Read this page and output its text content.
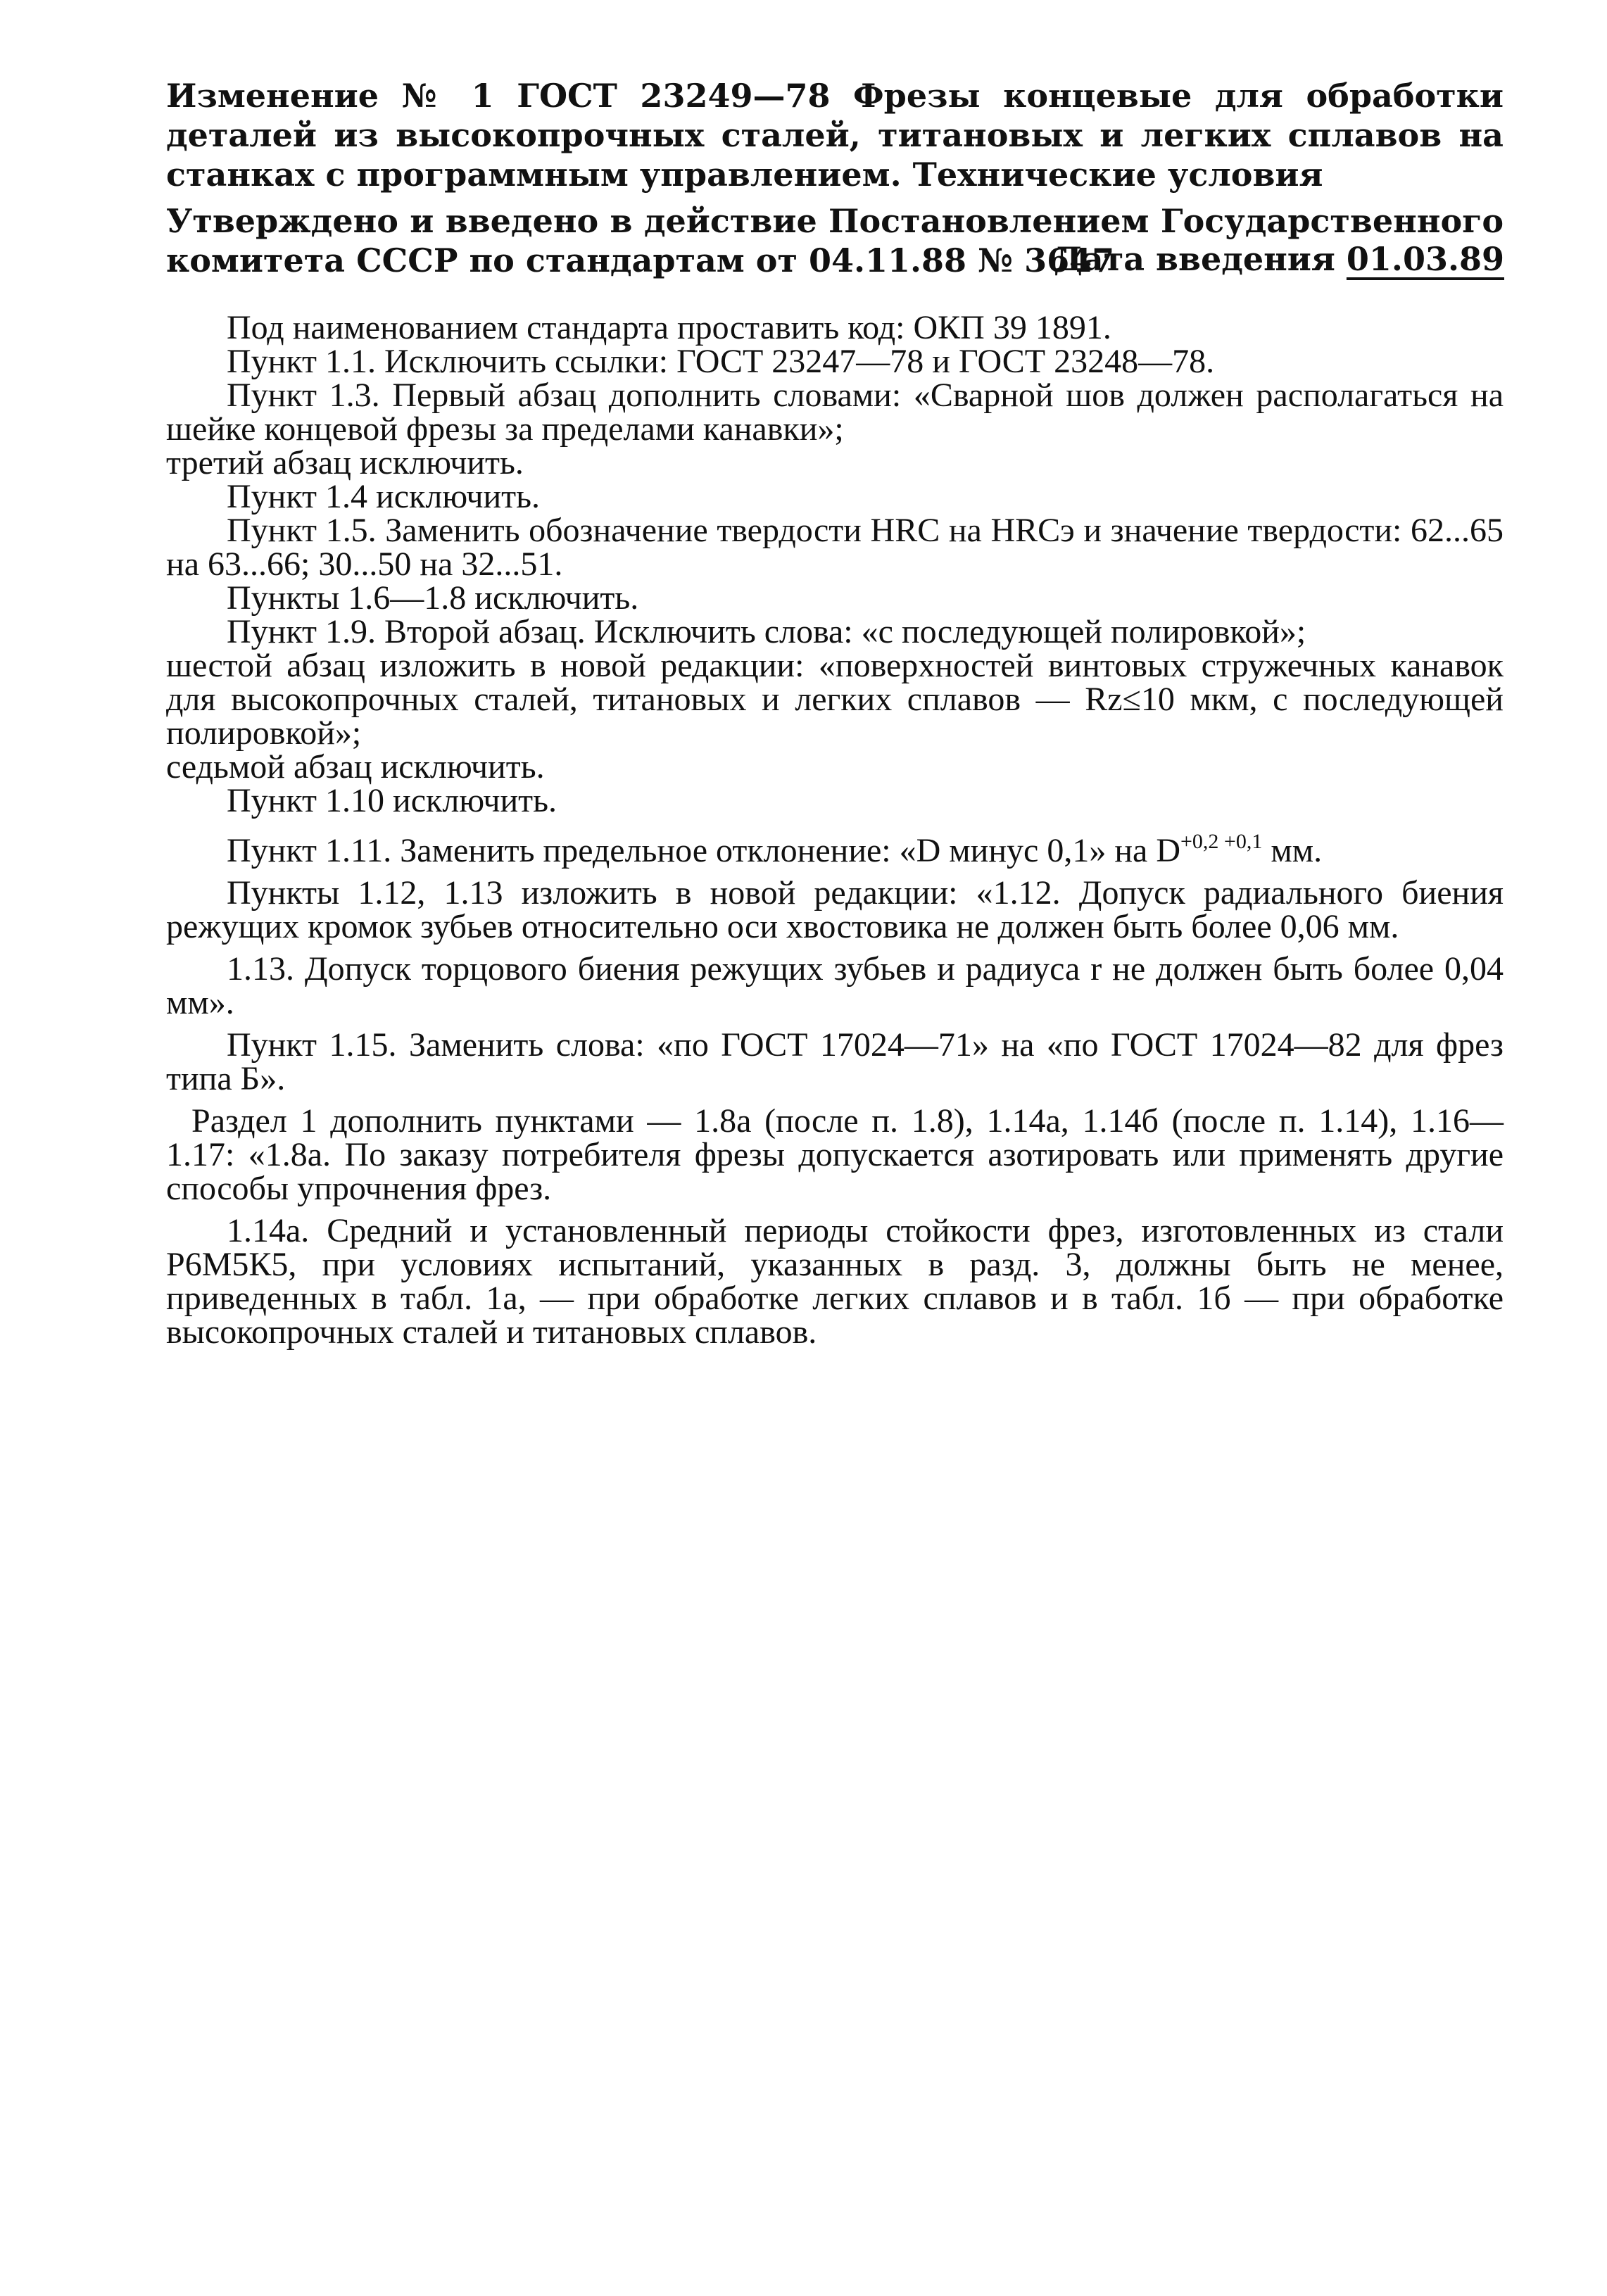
Изменение № 1 ГОСТ 23249—78 Фрезы концевые для обработки деталей из высокопрочных сталей, титановых и легких сплавов на станках с программным управлением. Технические условия

Утверждено и введено в действие Постановлением Государственного комитета СССР по стандартам от 04.11.88 № 3647

Дата введения 01.03.89

Под наименованием стандарта проставить код: ОКП 39 1891.

Пункт 1.1. Исключить ссылки: ГОСТ 23247—78 и ГОСТ 23248—78.

Пункт 1.3. Первый абзац дополнить словами: «Сварной шов должен располагаться на шейке концевой фрезы за пределами канавки»;

третий абзац исключить.

Пункт 1.4 исключить.

Пункт 1.5. Заменить обозначение твердости HRC на HRCэ и значение твердости: 62...65 на 63...66; 30...50 на 32...51.

Пункты 1.6—1.8 исключить.

Пункт 1.9. Второй абзац. Исключить слова: «с последующей полировкой»;

шестой абзац изложить в новой редакции: «поверхностей винтовых стружечных канавок для высокопрочных сталей, титановых и легких сплавов — Rz≤10 мкм, с последующей полировкой»;

седьмой абзац исключить.

Пункт 1.10 исключить.

Пункт 1.11. Заменить предельное отклонение: «D минус 0,1» на $D^{+0,2 +0,1}$ мм.

Пункты 1.12, 1.13 изложить в новой редакции: «1.12. Допуск радиального биения режущих кромок зубьев относительно оси хвостовика не должен быть более 0,06 мм.

1.13. Допуск торцового биения режущих зубьев и радиуса r не должен быть более 0,04 мм».

Пункт 1.15. Заменить слова: «по ГОСТ 17024—71» на «по ГОСТ 17024—82 для фрез типа Б».

Раздел 1 дополнить пунктами — 1.8а (после п. 1.8), 1.14а, 1.14б (после п. 1.14), 1.16—1.17: «1.8а. По заказу потребителя фрезы допускается азотировать или применять другие способы упрочнения фрез.

1.14а. Средний и установленный периоды стойкости фрез, изготовленных из стали Р6М5К5, при условиях испытаний, указанных в разд. 3, должны быть не менее, приведенных в табл. 1а, — при обработке легких сплавов и в табл. 1б — при обработке высокопрочных сталей и титановых сплавов.
